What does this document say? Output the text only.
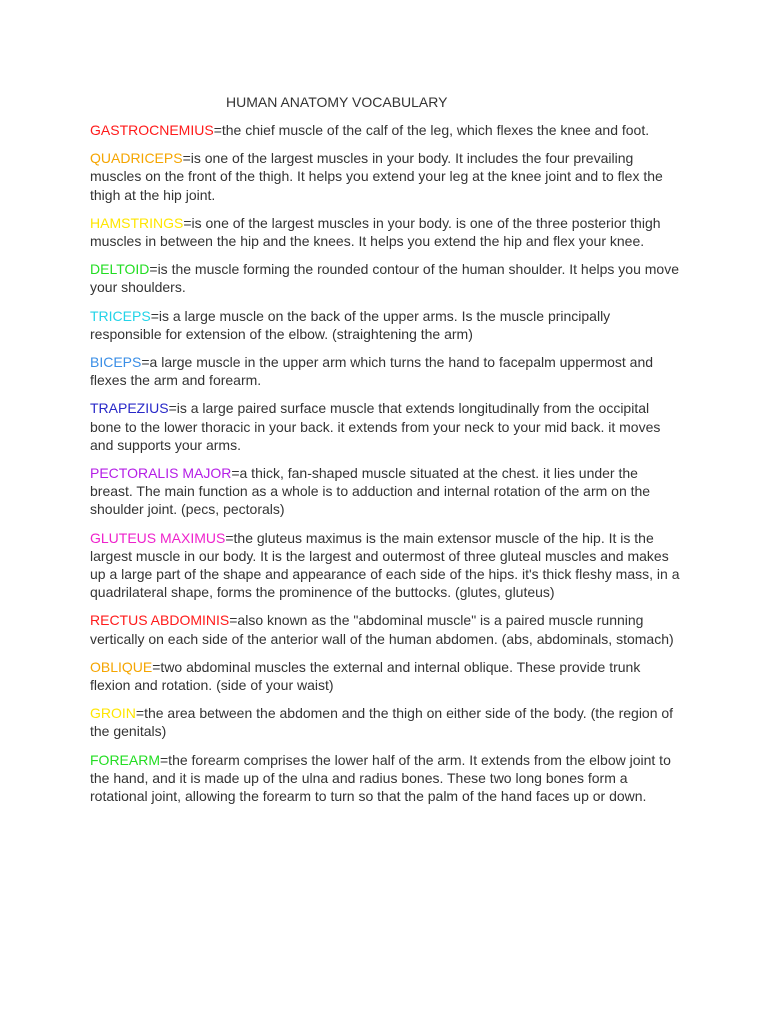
HUMAN ANATOMY VOCABULARY

GASTROCNEMIUS=the chief muscle of the calf of the leg, which flexes the knee and foot.

QUADRICEPS=is one of the largest muscles in your body. It includes the four prevailing muscles on the front of the thigh. It helps you extend your leg at the knee joint and to flex the thigh at the hip joint.

HAMSTRINGS=is one of the largest muscles in your body. is one of the three posterior thigh muscles in between the hip and the knees. It helps you extend the hip and flex your knee.

DELTOID=is the muscle forming the rounded contour of the human shoulder. It helps you move your shoulders.

TRICEPS=is a large muscle on the back of the upper arms. Is the muscle principally responsible for extension of the elbow. (straightening the arm)

BICEPS=a large muscle in the upper arm which turns the hand to facepalm uppermost and flexes the arm and forearm.

TRAPEZIUS=is a large paired surface muscle that extends longitudinally from the occipital bone to the lower thoracic in your back. it extends from your neck to your mid back. it moves and supports your arms.

PECTORALIS MAJOR=a thick, fan-shaped muscle situated at the chest. it lies under the breast. The main function as a whole is to adduction and internal rotation of the arm on the shoulder joint. (pecs, pectorals)

GLUTEUS MAXIMUS=the gluteus maximus is the main extensor muscle of the hip. It is the largest muscle in our body. It is the largest and outermost of three gluteal muscles and makes up a large part of the shape and appearance of each side of the hips. it's thick fleshy mass, in a quadrilateral shape, forms the prominence of the buttocks. (glutes, gluteus)

RECTUS ABDOMINIS=also known as the "abdominal muscle" is a paired muscle running vertically on each side of the anterior wall of the human abdomen. (abs, abdominals, stomach)

OBLIQUE=two abdominal muscles the external and internal oblique. These provide trunk flexion and rotation. (side of your waist)

GROIN=the area between the abdomen and the thigh on either side of the body. (the region of the genitals)

FOREARM=the forearm comprises the lower half of the arm. It extends from the elbow joint to the hand, and it is made up of the ulna and radius bones. These two long bones form a rotational joint, allowing the forearm to turn so that the palm of the hand faces up or down.
